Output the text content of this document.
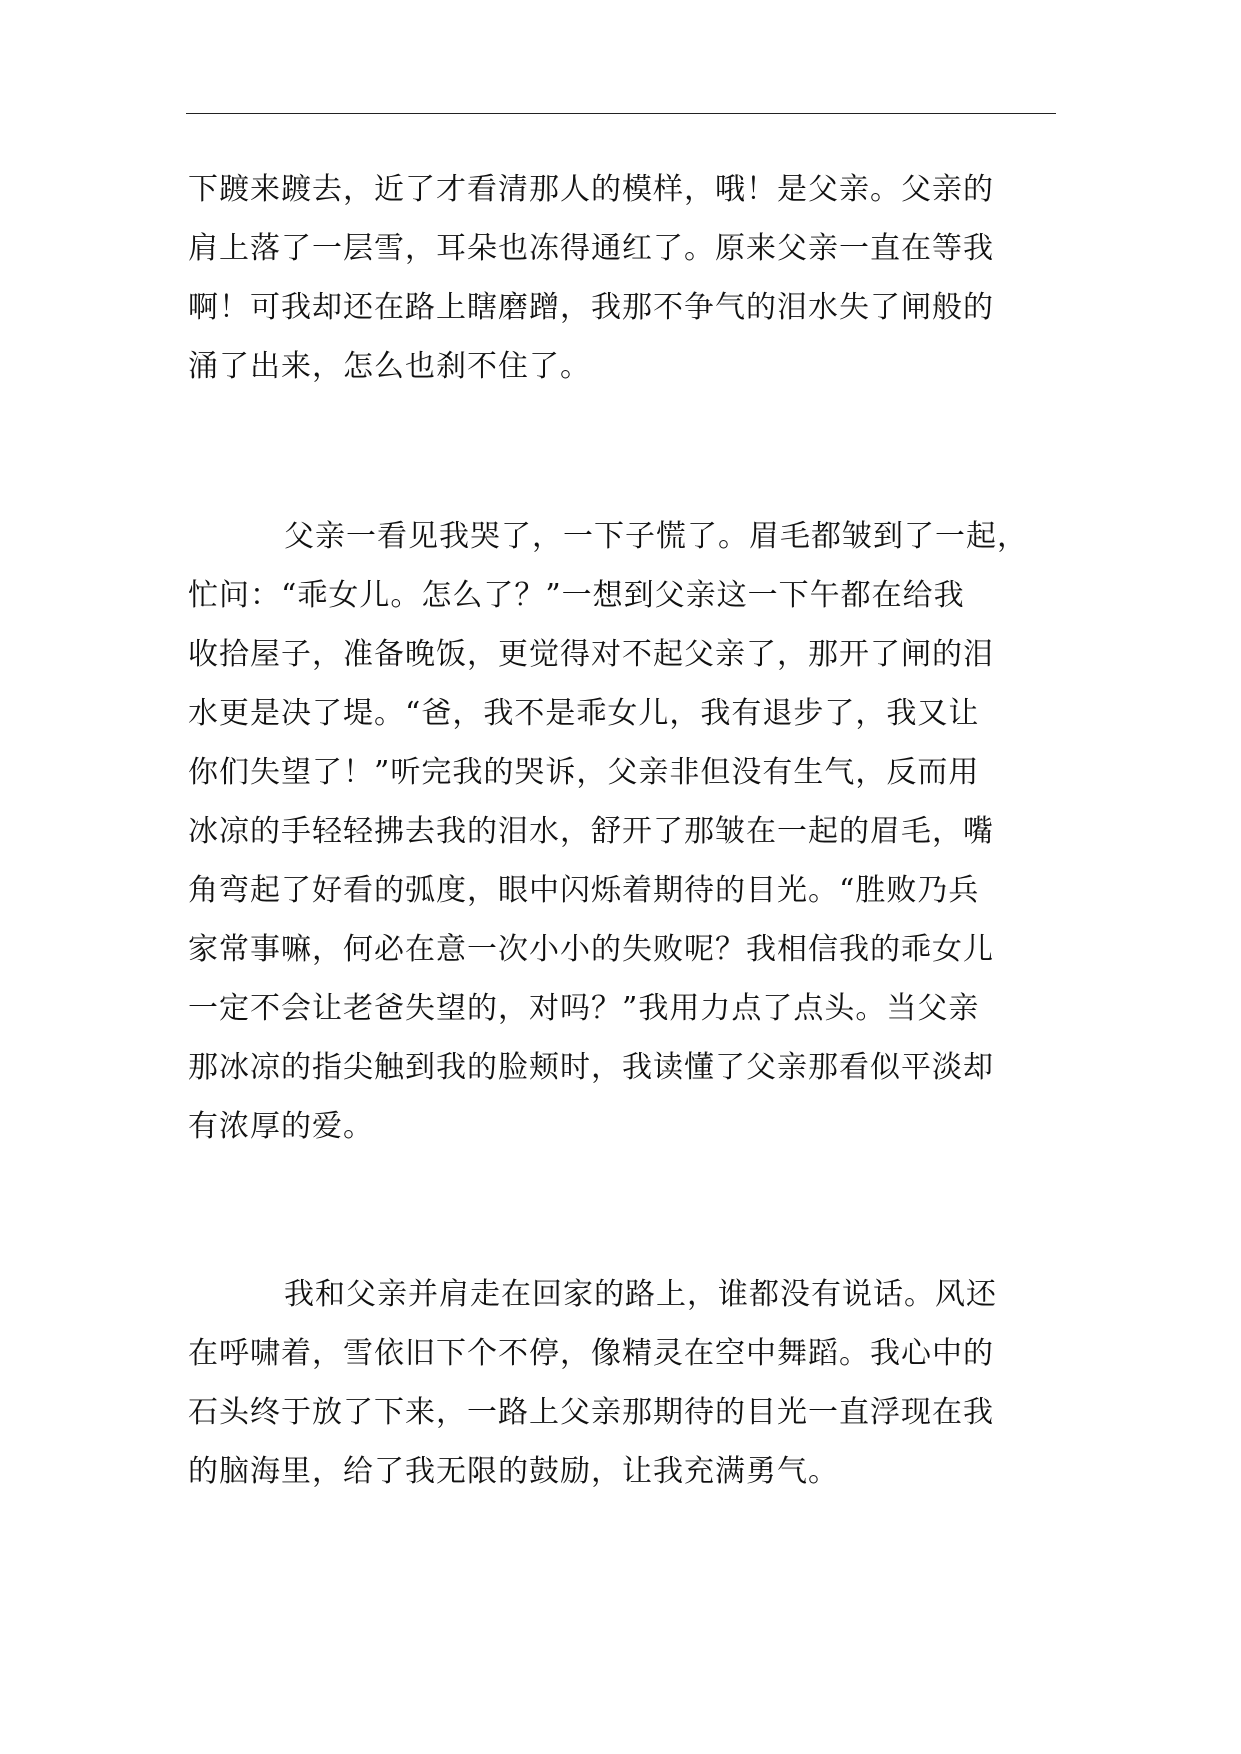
下踱来踱去，近了才看清那人的模样，哦！是父亲。父亲的
肩上落了一层雪，耳朵也冻得通红了。原来父亲一直在等我
啊！可我却还在路上瞎磨蹭，我那不争气的泪水失了闸般的
涌了出来，怎么也刹不住了。
父亲一看见我哭了，一下子慌了。眉毛都皱到了一起，
忙问：“乖女儿。怎么了？”一想到父亲这一下午都在给我
收拾屋子，准备晚饭，更觉得对不起父亲了，那开了闸的泪
水更是决了堤。“爸，我不是乖女儿，我有退步了，我又让
你们失望了！”听完我的哭诉，父亲非但没有生气，反而用
冰凉的手轻轻拂去我的泪水，舒开了那皱在一起的眉毛，嘴
角弯起了好看的弧度，眼中闪烁着期待的目光。“胜败乃兵
家常事嘛，何必在意一次小小的失败呢？我相信我的乖女儿
一定不会让老爸失望的，对吗？”我用力点了点头。当父亲
那冰凉的指尖触到我的脸颊时，我读懂了父亲那看似平淡却
有浓厚的爱。
我和父亲并肩走在回家的路上，谁都没有说话。风还
在呼啸着，雪依旧下个不停，像精灵在空中舞蹈。我心中的
石头终于放了下来，一路上父亲那期待的目光一直浮现在我
的脑海里，给了我无限的鼓励，让我充满勇气。
